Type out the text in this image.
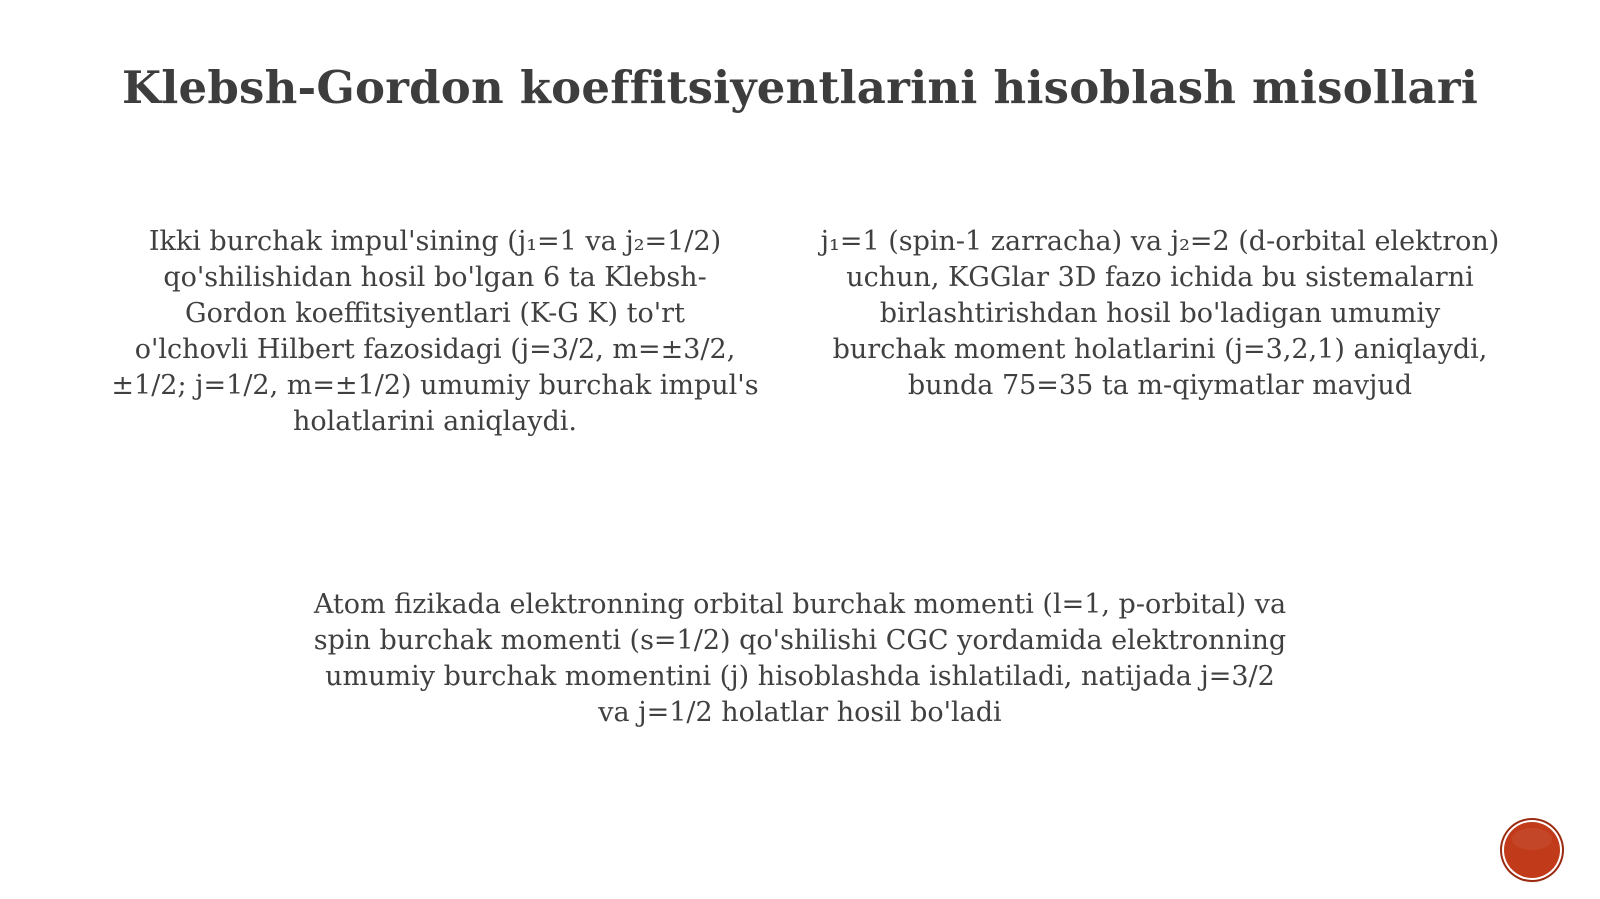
Klebsh-Gordon koeffitsiyentlarini hisoblash misollari
Ikki burchak impul'sining (j₁=1 va j₂=1/2)
qo'shilishidan hosil bo'lgan 6 ta Klebsh-
Gordon koeffitsiyentlari (K-G K) to'rt
o'lchovli Hilbert fazosidagi (j=3/2, m=±3/2,
±1/2; j=1/2, m=±1/2) umumiy burchak impul's
holatlarini aniqlaydi.
j₁=1 (spin-1 zarracha) va j₂=2 (d-orbital elektron)
uchun, KGGlar 3D fazo ichida bu sistemalarni
birlashtirishdan hosil bo'ladigan umumiy
burchak moment holatlarini (j=3,2,1) aniqlaydi,
bunda 75=35 ta m-qiymatlar mavjud
Atom fizikada elektronning orbital burchak momenti (l=1, p-orbital) va
spin burchak momenti (s=1/2) qo'shilishi CGC yordamida elektronning
umumiy burchak momentini (j) hisoblashda ishlatiladi, natijada j=3/2
va j=1/2 holatlar hosil bo'ladi
